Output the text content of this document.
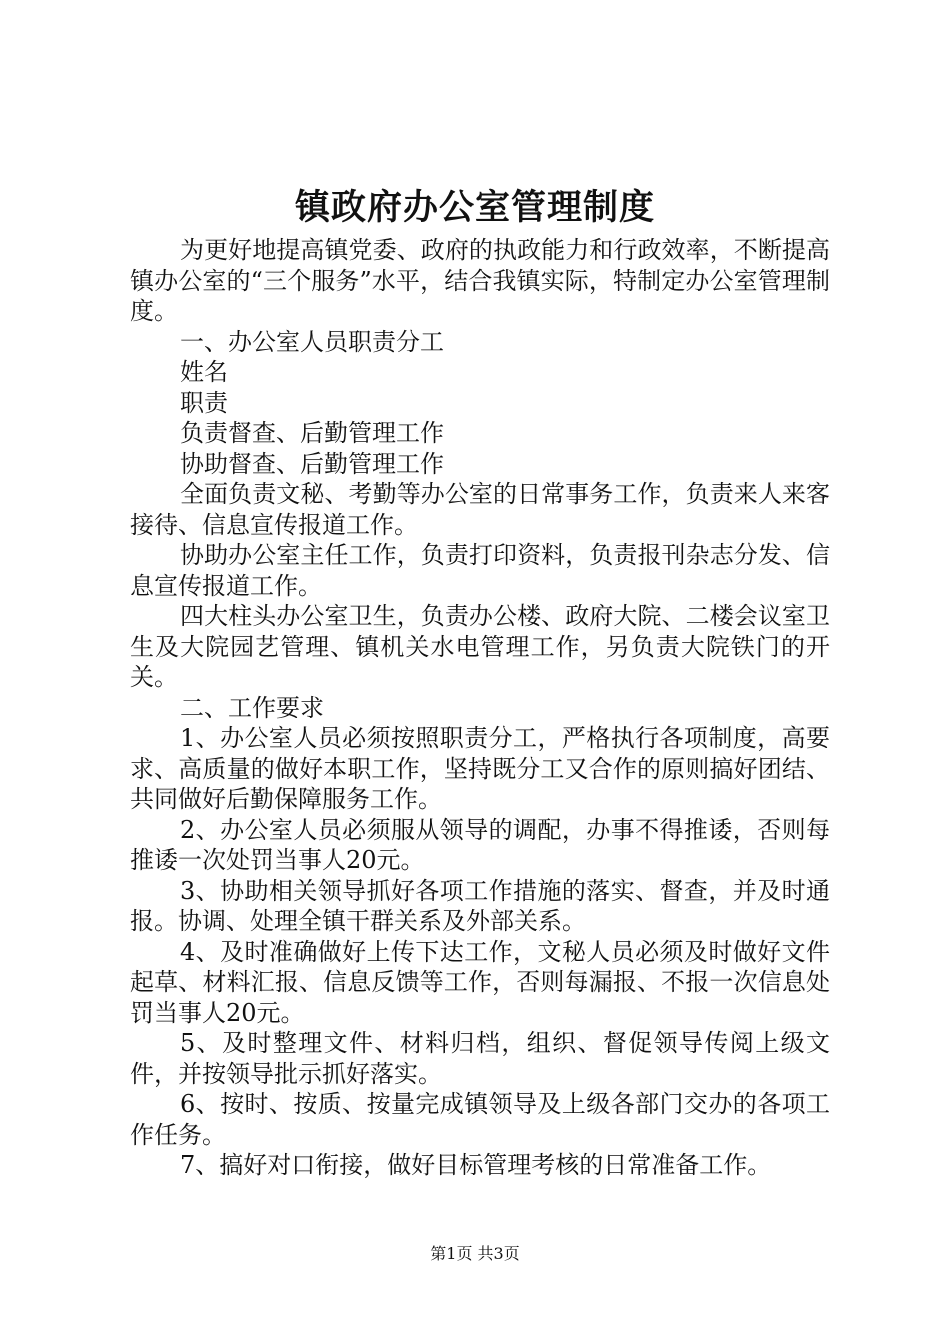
镇政府办公室管理制度

为更好地提高镇党委、政府的执政能力和行政效率，不断提高镇办公室的“三个服务”水平，结合我镇实际，特制定办公室管理制度。

一、办公室人员职责分工

姓名

职责

负责督查、后勤管理工作

协助督查、后勤管理工作

全面负责文秘、考勤等办公室的日常事务工作，负责来人来客接待、信息宣传报道工作。

协助办公室主任工作，负责打印资料，负责报刊杂志分发、信息宣传报道工作。

四大柱头办公室卫生，负责办公楼、政府大院、二楼会议室卫生及大院园艺管理、镇机关水电管理工作，另负责大院铁门的开关。

二、工作要求

1、办公室人员必须按照职责分工，严格执行各项制度，高要求、高质量的做好本职工作，坚持既分工又合作的原则搞好团结、共同做好后勤保障服务工作。

2、办公室人员必须服从领导的调配，办事不得推诿，否则每推诿一次处罚当事人20元。

3、协助相关领导抓好各项工作措施的落实、督查，并及时通报。协调、处理全镇干群关系及外部关系。

4、及时准确做好上传下达工作，文秘人员必须及时做好文件起草、材料汇报、信息反馈等工作，否则每漏报、不报一次信息处罚当事人20元。

5、及时整理文件、材料归档，组织、督促领导传阅上级文件，并按领导批示抓好落实。

6、按时、按质、按量完成镇领导及上级各部门交办的各项工作任务。

7、搞好对口衔接，做好目标管理考核的日常准备工作。

第1页 共3页
